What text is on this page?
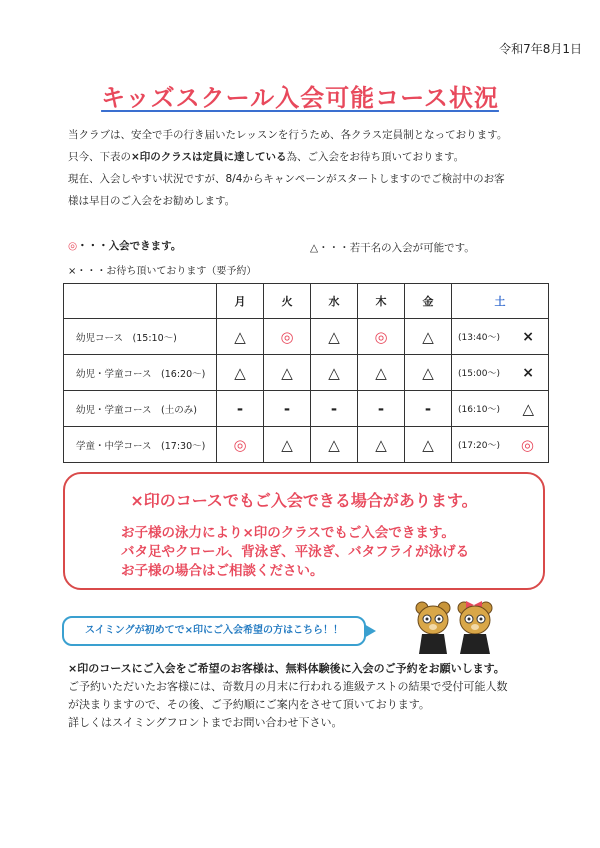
令和7年8月1日
キッズスクール入会可能コース状況
当クラブは、安全で手の行き届いたレッスンを行うため、各クラス定員制となっております。
只今、下表の×印のクラスは定員に達している為、ご入会をお待ち頂いております。
現在、入会しやすい状況ですが、8/4からキャンペーンがスタートしますのでご検討中のお客
様は早目のご入会をお勧めします。
◎・・・入会できます。	△・・・若干名の入会が可能です。
×・・・お待ち頂いております（要予約）
	月	火	水	木	金	土
幼児コース　(15:10～)	△	◎	△	◎	△	(13:40～) ×

幼児・学童コース　(16:20～)	△	△	△	△	△	(15:00～) ×

幼児・学童コース　(土のみ)	-	-	-	-	-	(16:10～) △

学童・中学コース　(17:30～)	◎	△	△	△	△	(17:20～) ◎
×印のコースでもご入会できる場合があります。
お子様の泳力により×印のクラスでもご入会できます。
バタ足やクロール、背泳ぎ、平泳ぎ、バタフライが泳げる
お子様の場合はご相談ください。
スイミングが初めてで×印にご入会希望の方はこちら！！
×印のコースにご入会をご希望のお客様は、無料体験後に入会のご予約をお願いします。
ご予約いただいたお客様には、奇数月の月末に行われる進級テストの結果で受付可能人数
が決まりますので、その後、ご予約順にご案内をさせて頂いております。
詳しくはスイミングフロントまでお問い合わせ下さい。
